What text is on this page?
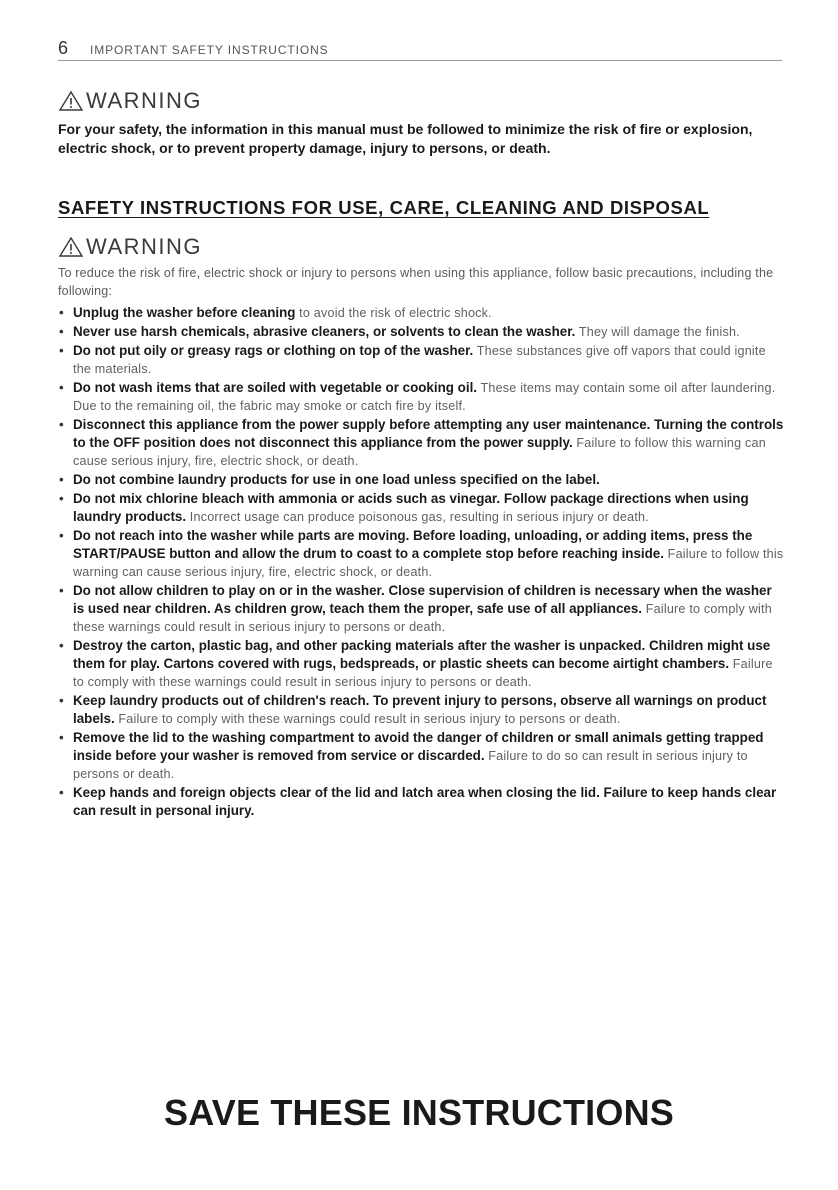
6 IMPORTANT SAFETY INSTRUCTIONS
WARNING
For your safety, the information in this manual must be followed to minimize the risk of fire or explosion, electric shock, or to prevent property damage, injury to persons, or death.
SAFETY INSTRUCTIONS FOR USE, CARE, CLEANING AND DISPOSAL
WARNING
To reduce the risk of fire, electric shock or injury to persons when using this appliance, follow basic precautions, including the following:
• Unplug the washer before cleaning to avoid the risk of electric shock.
• Never use harsh chemicals, abrasive cleaners, or solvents to clean the washer. They will damage the finish.
• Do not put oily or greasy rags or clothing on top of the washer. These substances give off vapors that could ignite the materials.
• Do not wash items that are soiled with vegetable or cooking oil. These items may contain some oil after laundering. Due to the remaining oil, the fabric may smoke or catch fire by itself.
• Disconnect this appliance from the power supply before attempting any user maintenance. Turning the controls to the OFF position does not disconnect this appliance from the power supply. Failure to follow this warning can cause serious injury, fire, electric shock, or death.
• Do not combine laundry products for use in one load unless specified on the label.
• Do not mix chlorine bleach with ammonia or acids such as vinegar. Follow package directions when using laundry products. Incorrect usage can produce poisonous gas, resulting in serious injury or death.
• Do not reach into the washer while parts are moving. Before loading, unloading, or adding items, press the START/PAUSE button and allow the drum to coast to a complete stop before reaching inside. Failure to follow this warning can cause serious injury, fire, electric shock, or death.
• Do not allow children to play on or in the washer. Close supervision of children is necessary when the washer is used near children. As children grow, teach them the proper, safe use of all appliances. Failure to comply with these warnings could result in serious injury to persons or death.
• Destroy the carton, plastic bag, and other packing materials after the washer is unpacked. Children might use them for play. Cartons covered with rugs, bedspreads, or plastic sheets can become airtight chambers. Failure to comply with these warnings could result in serious injury to persons or death.
• Keep laundry products out of children's reach. To prevent injury to persons, observe all warnings on product labels. Failure to comply with these warnings could result in serious injury to persons or death.
• Remove the lid to the washing compartment to avoid the danger of children or small animals getting trapped inside before your washer is removed from service or discarded. Failure to do so can result in serious injury to persons or death.
• Keep hands and foreign objects clear of the lid and latch area when closing the lid. Failure to keep hands clear can result in personal injury.
SAVE THESE INSTRUCTIONS
